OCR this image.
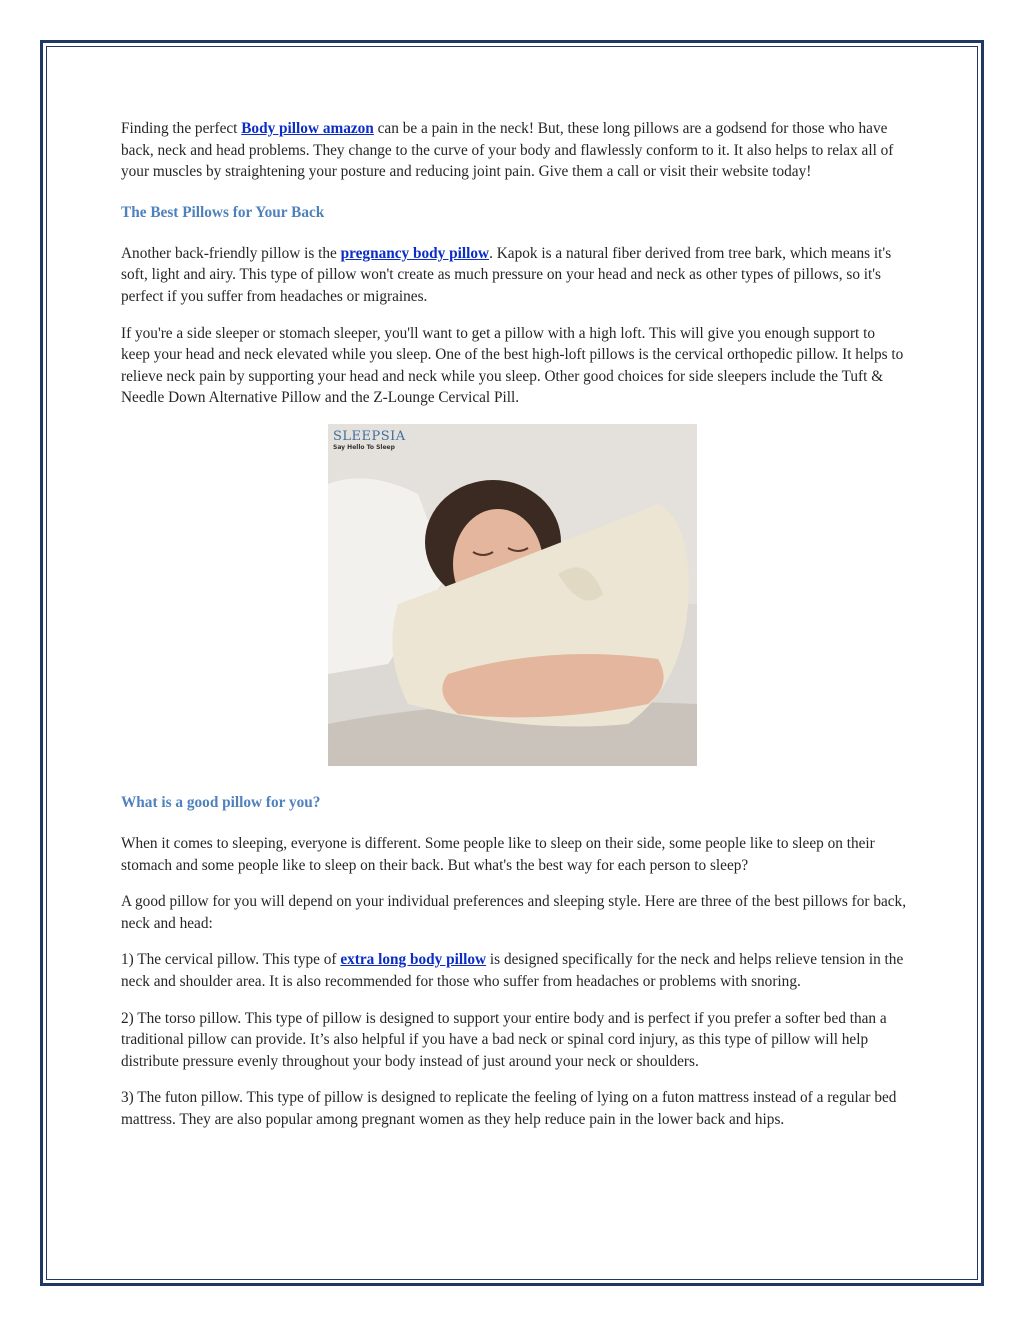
Finding the perfect Body pillow amazon can be a pain in the neck! But, these long pillows are a godsend for those who have back, neck and head problems. They change to the curve of your body and flawlessly conform to it. It also helps to relax all of your muscles by straightening your posture and reducing joint pain. Give them a call or visit their website today!

The Best Pillows for Your Back

Another back-friendly pillow is the pregnancy body pillow. Kapok is a natural fiber derived from tree bark, which means it's soft, light and airy. This type of pillow won't create as much pressure on your head and neck as other types of pillows, so it's perfect if you suffer from headaches or migraines.

If you're a side sleeper or stomach sleeper, you'll want to get a pillow with a high loft. This will give you enough support to keep your head and neck elevated while you sleep. One of the best high-loft pillows is the cervical orthopedic pillow. It helps to relieve neck pain by supporting your head and neck while you sleep. Other good choices for side sleepers include the Tuft & Needle Down Alternative Pillow and the Z-Lounge Cervical Pill.

SLEEPSIA
Say Hello To Sleep
What is a good pillow for you?

When it comes to sleeping, everyone is different. Some people like to sleep on their side, some people like to sleep on their stomach and some people like to sleep on their back. But what's the best way for each person to sleep?

A good pillow for you will depend on your individual preferences and sleeping style. Here are three of the best pillows for back, neck and head:

1) The cervical pillow. This type of extra long body pillow is designed specifically for the neck and helps relieve tension in the neck and shoulder area. It is also recommended for those who suffer from headaches or problems with snoring.

2) The torso pillow. This type of pillow is designed to support your entire body and is perfect if you prefer a softer bed than a traditional pillow can provide. It’s also helpful if you have a bad neck or spinal cord injury, as this type of pillow will help distribute pressure evenly throughout your body instead of just around your neck or shoulders.

3) The futon pillow. This type of pillow is designed to replicate the feeling of lying on a futon mattress instead of a regular bed mattress. They are also popular among pregnant women as they help reduce pain in the lower back and hips.
